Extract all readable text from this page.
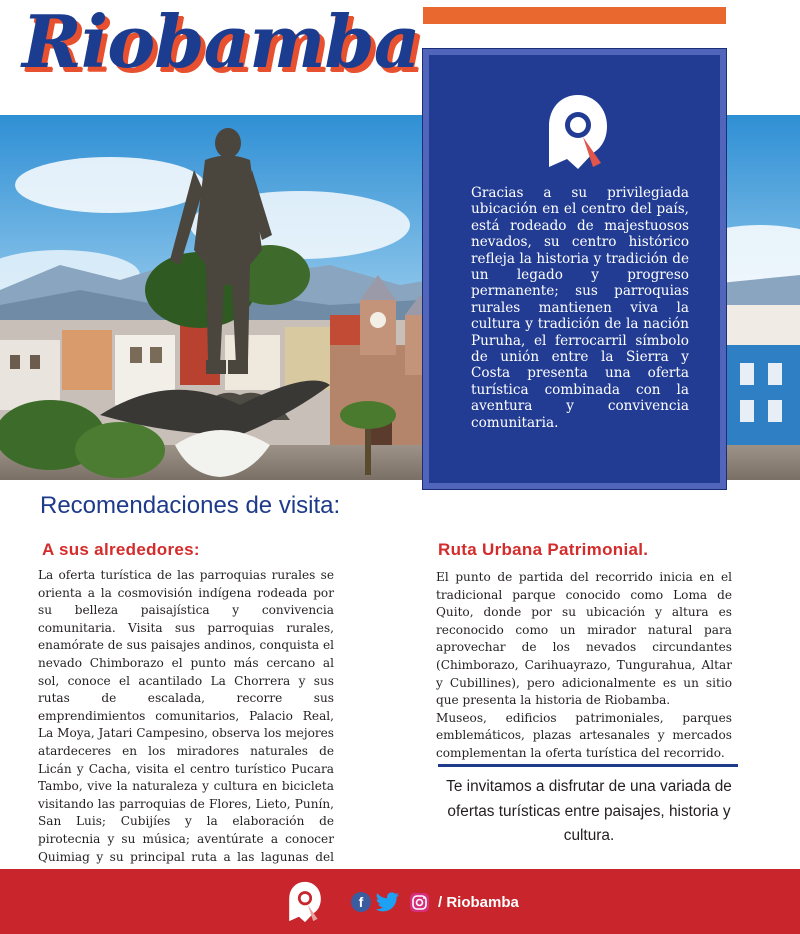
Riobamba
Gracias a su privilegiada ubicación en el centro del país, está rodeado de majestuosos nevados, su centro histórico refleja la historia y tradición de un legado y progreso permanente; sus parroquias rurales mantienen viva la cultura y tradición de la nación Puruha, el ferrocarril símbolo de unión entre la Sierra y Costa presenta una oferta turística combinada con la aventura y convivencia comunitaria.
Recomendaciones de visita:
A sus alrededores:

La oferta turística de las parroquias rurales se orienta a la cosmovisión indígena rodeada por su belleza paisajística y convivencia comunitaria. Visita sus parroquias rurales, enamórate de sus paisajes andinos, conquista el nevado Chimborazo el punto más cercano al sol, conoce el acantilado La Chorrera y sus rutas de escalada, recorre sus emprendimientos comunitarios, Palacio Real, La Moya, Jatari Campesino, observa los mejores atardeceres en los miradores naturales de Licán y Cacha, visita el centro turístico Pucara Tambo, vive la naturaleza y cultura en bicicleta visitando las parroquias de Flores, Lieto, Punín, San Luis; Cubijíes y la elaboración de pirotecnia y su música; aventúrate a conocer Quimiag y su principal ruta a las lagunas del

Ruta Urbana Patrimonial.

El punto de partida del recorrido inicia en el tradicional parque conocido como Loma de Quito, donde por su ubicación y altura es reconocido como un mirador natural para aprovechar de los nevados circundantes (Chimborazo, Carihuayrazo, Tungurahua, Altar y Cubillines), pero adicionalmente es un sitio que presenta la historia de Riobamba.

Museos, edificios patrimoniales, parques emblemáticos, plazas artesanales y mercados complementan la oferta turística del recorrido.

Te invitamos a disfrutar de una variada de ofertas turísticas entre paisajes, historia y cultura.
f	/ Riobamba
